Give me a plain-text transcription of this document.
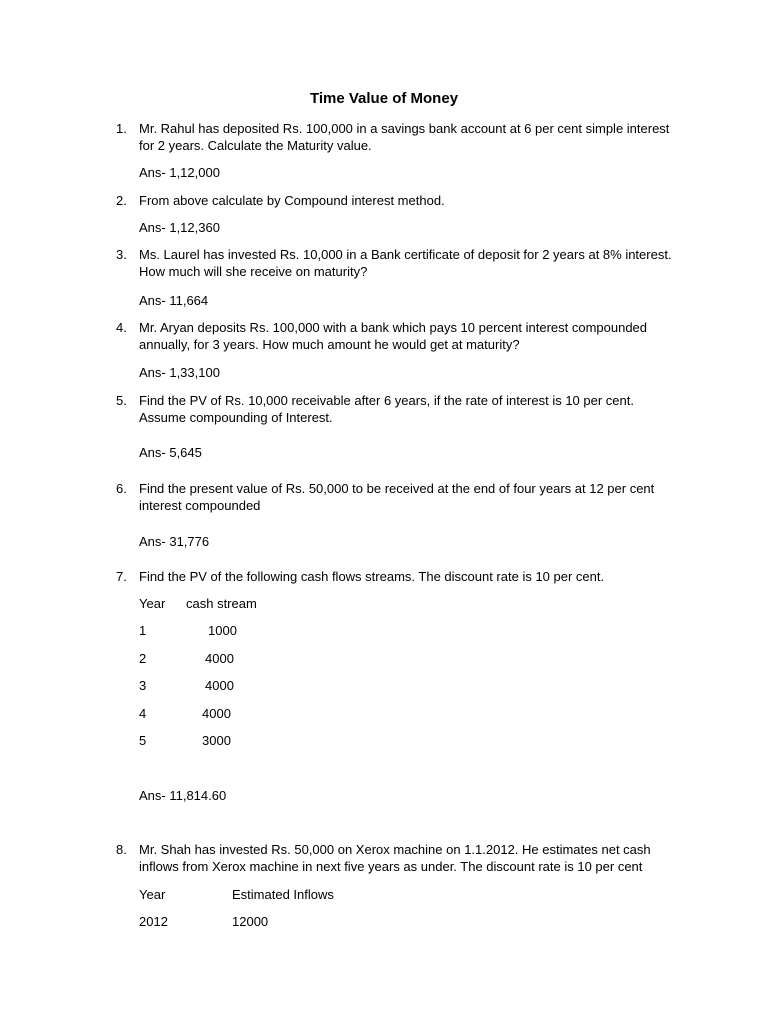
Time Value of Money
1. Mr. Rahul has deposited Rs. 100,000 in a savings bank account at 6 per cent simple interest for 2 years. Calculate the Maturity value.
Ans- 1,12,000
2. From above calculate by Compound interest method.
Ans- 1,12,360
3. Ms. Laurel has invested Rs. 10,000 in a Bank certificate of deposit for 2 years at 8% interest. How much will she receive on maturity?
Ans- 11,664
4. Mr. Aryan deposits Rs. 100,000 with a bank which pays 10 percent interest compounded annually, for 3 years. How much amount he would get at maturity?
Ans- 1,33,100
5. Find the PV of Rs. 10,000 receivable after 6 years, if the rate of interest is 10 per cent. Assume compounding of Interest.
Ans- 5,645
6. Find the present value of Rs. 50,000 to be received at the end of four years at 12 per cent interest compounded
Ans- 31,776
7. Find the PV of the following cash flows streams. The discount rate is 10 per cent.
Year cash stream
1	1000
2	4000
3	4000
4	4000
5	3000
Ans- 11,814.60
8. Mr. Shah has invested Rs. 50,000 on Xerox machine on 1.1.2012. He estimates net cash inflows from Xerox machine in next five years as under. The discount rate is 10 per cent
Year	Estimated Inflows
2012	12000
